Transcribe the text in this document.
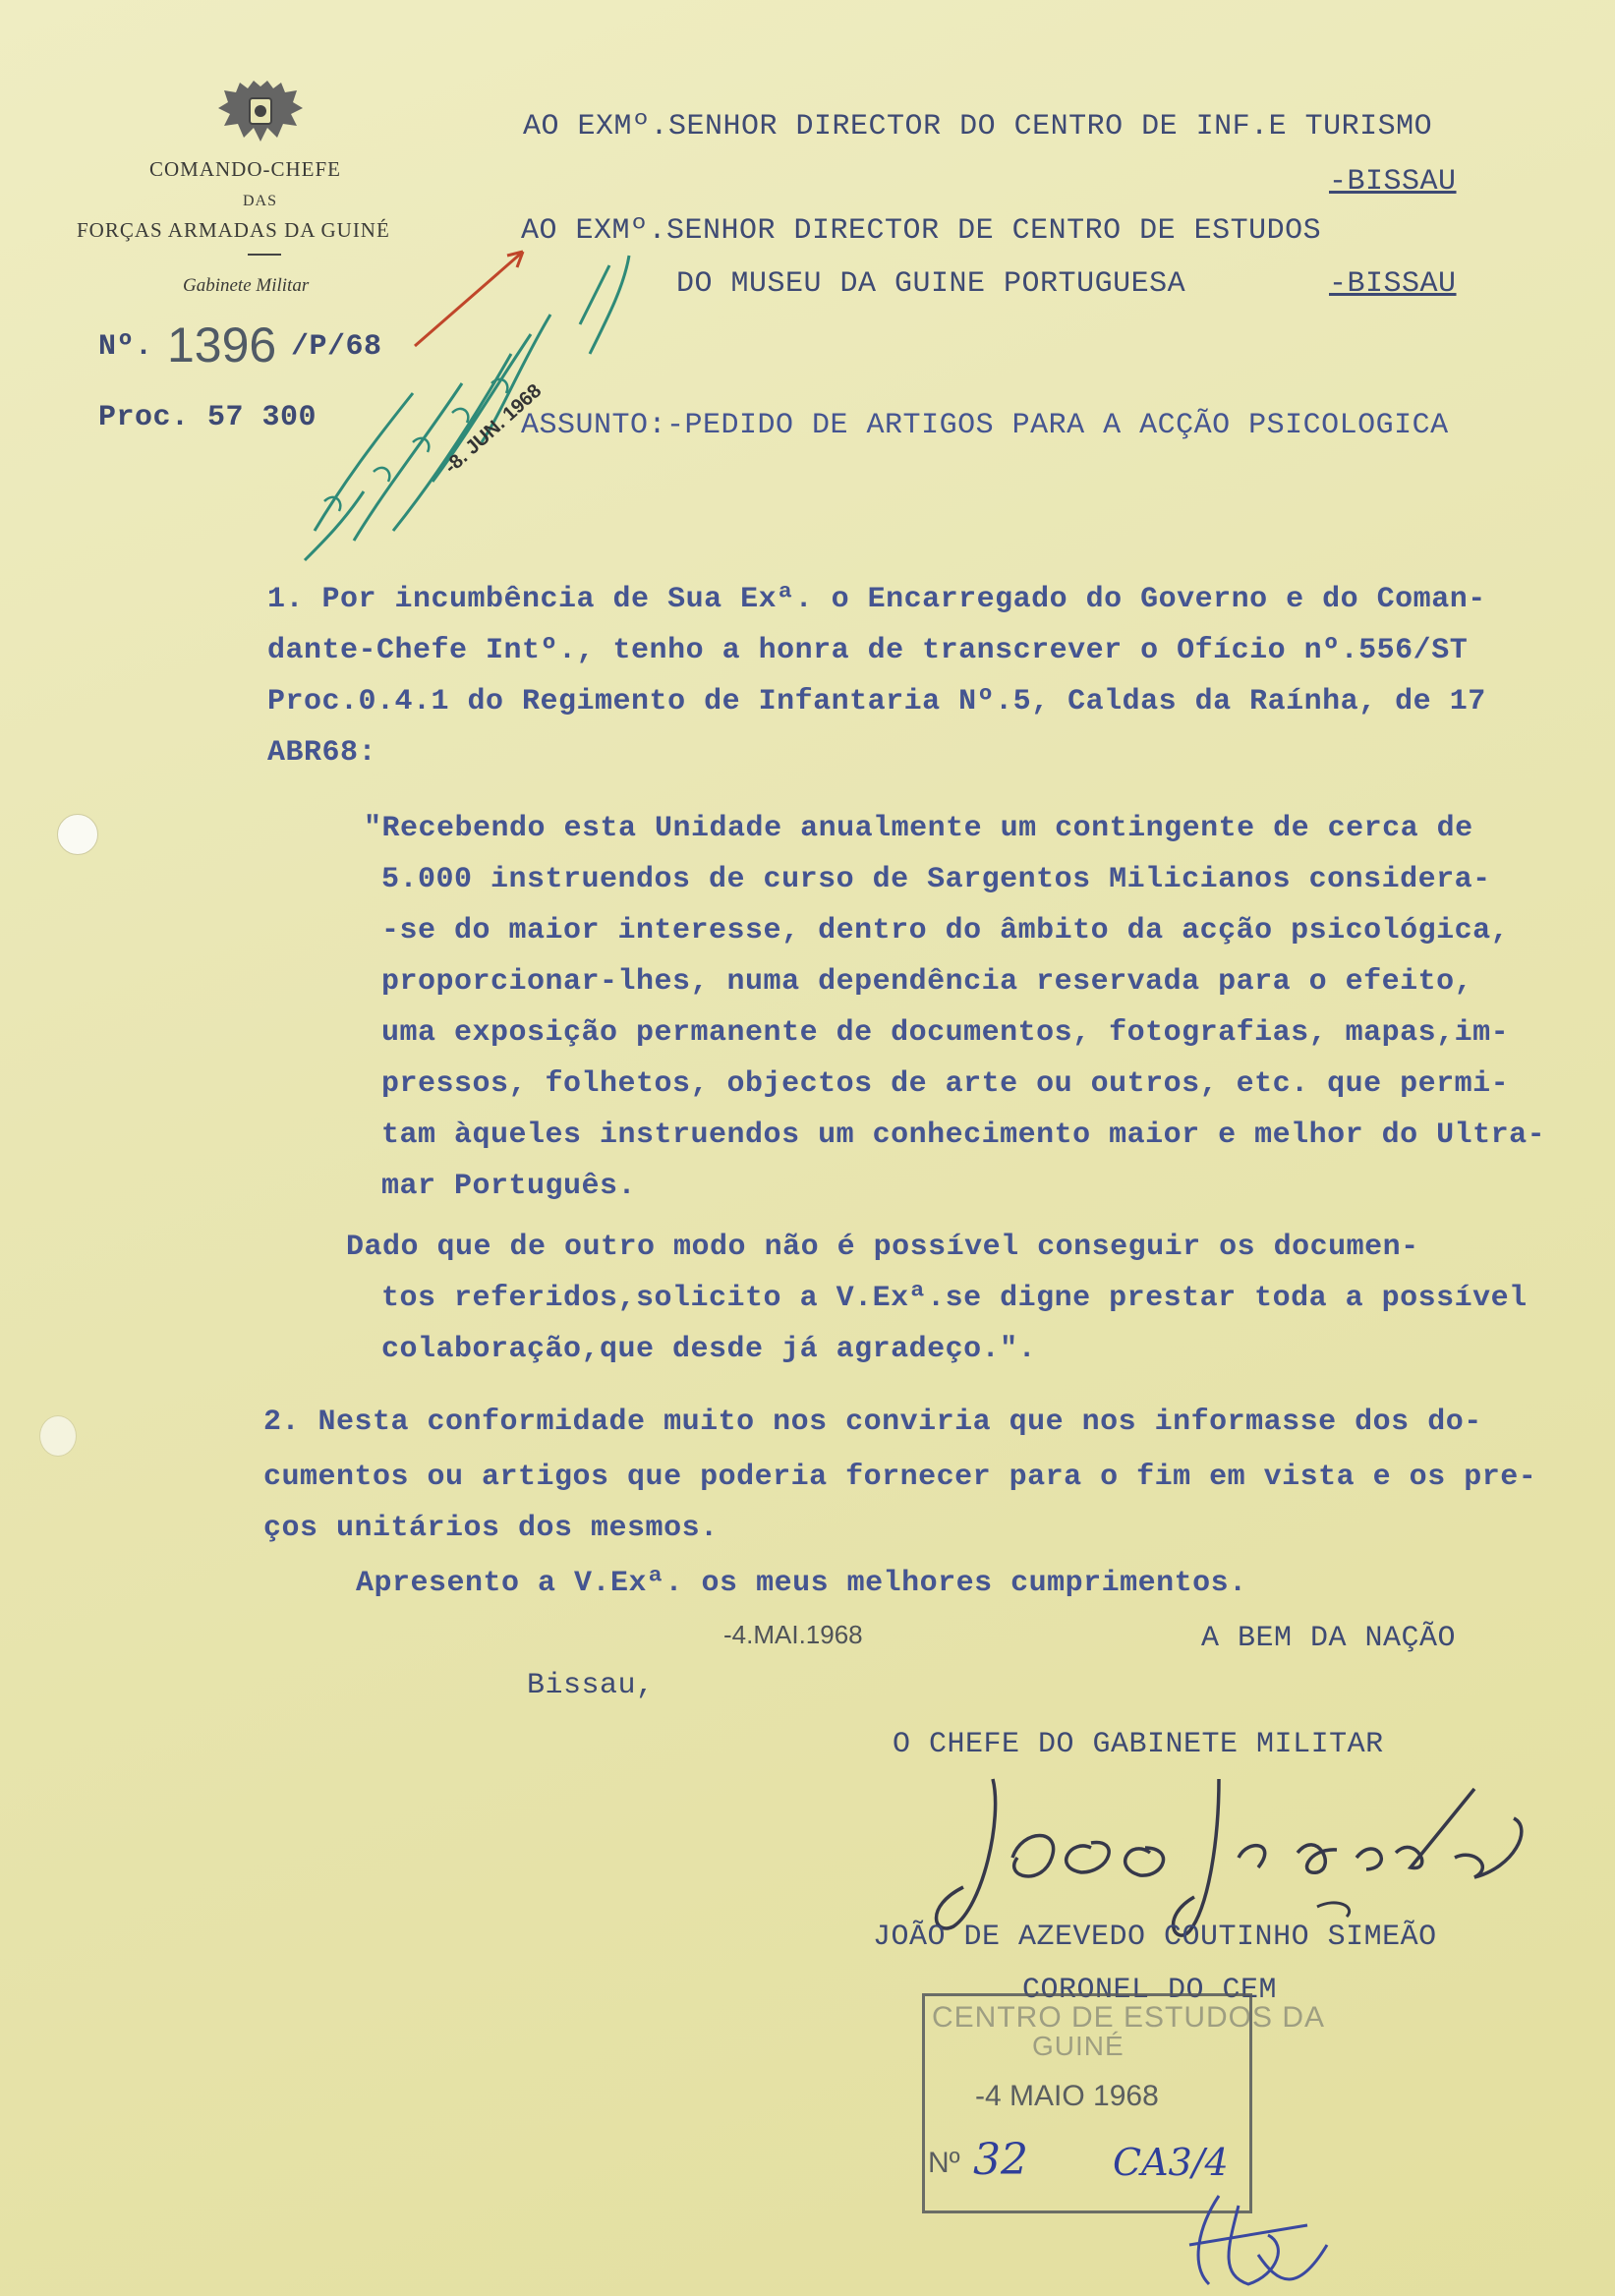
COMANDO-CHEFE
DAS
FORÇAS ARMADAS DA GUINÉ
Gabinete Militar
Nº. 1396 /P/68
Proc. 57 300
AO EXMº.SENHOR DIRECTOR DO CENTRO DE INF.E TURISMO
-BISSAU
AO EXMº.SENHOR DIRECTOR DE CENTRO DE ESTUDOS
DO MUSEU DA GUINE PORTUGUESA	-BISSAU
ASSUNTO:-PEDIDO DE ARTIGOS PARA A ACÇÃO PSICOLOGICA
1. Por incumbência de Sua Exª. o Encarregado do Governo e do Coman-
dante-Chefe Intº., tenho a honra de transcrever o Ofício nº.556/ST
Proc.0.4.1 do Regimento de Infantaria Nº.5, Caldas da Raínha, de 17
ABR68:
"Recebendo esta Unidade anualmente um contingente de cerca de
5.000 instruendos de curso de Sargentos Milicianos considera-
-se do maior interesse, dentro do âmbito da acção psicológica,
proporcionar-lhes, numa dependência reservada para o efeito,
uma exposição permanente de documentos, fotografias, mapas,im-
pressos, folhetos, objectos de arte ou outros, etc. que permi-
tam àqueles instruendos um conhecimento maior e melhor do Ultra-
mar Português.
Dado que de outro modo não é possível conseguir os documen-
tos referidos,solicito a V.Exª.se digne prestar toda a possível
colaboração,que desde já agradeço.".
2. Nesta conformidade muito nos conviria que nos informasse dos do-
cumentos ou artigos que poderia fornecer para o fim em vista e os pre-
ços unitários dos mesmos.
Apresento a V.Exª. os meus melhores cumprimentos.
A BEM DA NAÇÃO
-4.MAI.1968
Bissau,
O CHEFE DO GABINETE MILITAR
JOÃO DE AZEVEDO COUTINHO SIMEÃO
CORONEL DO CEM
CENTRO DE ESTUDOS DA
GUINÉ
-4 MAIO 1968
Nº 32 CA3/4
-8. JUN. 1968
